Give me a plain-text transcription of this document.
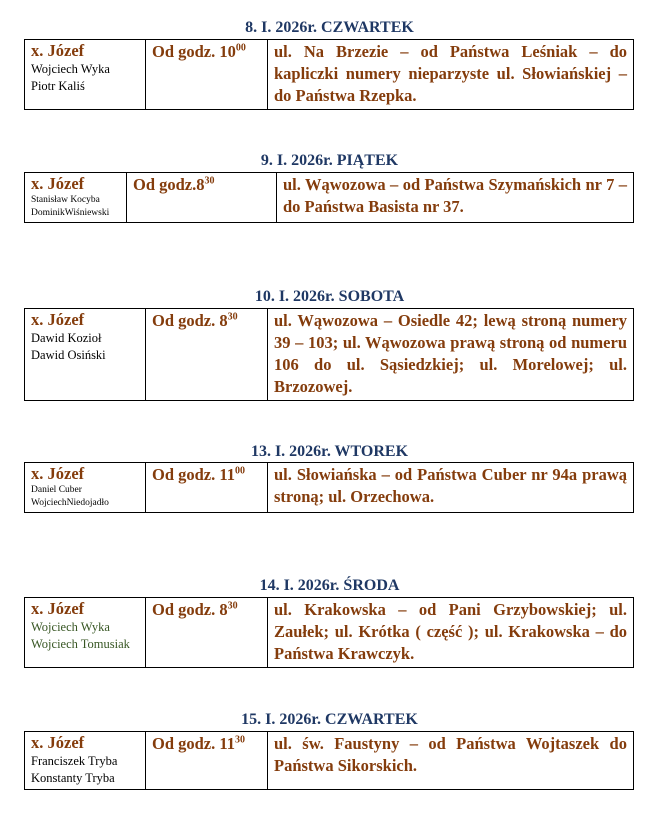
8. I. 2026r. CZWARTEK
x. Józef
Wojciech Wyka
Piotr Kaliś
	Od godz. $10^{00}$	ul. Na Brzezie – od Państwa Leśniak – do kapliczki numery nieparzyste ul. Słowiańskiej – do Państwa Rzepka.
9. I. 2026r. PIĄTEK
x. Józef
Stanisław Kocyba
DominikWiśniewski
	Od $godz.8^{30}$	ul. Wąwozowa – od Państwa Szymańskich nr 7 – do Państwa Basista nr 37.
10. I. 2026r. SOBOTA
x. Józef
Dawid Kozioł
Dawid Osiński
	Od godz. $8^{30}$	ul. Wąwozowa – Osiedle 42; lewą stroną numery 39 – 103; ul. Wąwozowa prawą stroną od numeru 106 do ul. Sąsiedzkiej; ul. Morelowej; ul. Brzozowej.
13. I. 2026r. WTOREK
x. Józef
Daniel Cuber
WojciechNiedojadło
	Od godz. $11^{00}$	ul. Słowiańska – od Państwa Cuber nr 94a prawą stroną; ul. Orzechowa.
14. I. 2026r. ŚRODA
x. Józef
Wojciech Wyka
Wojciech Tomusiak
	Od godz. $8^{30}$	ul. Krakowska – od Pani Grzybowskiej; ul. Zaułek; ul. Krótka ( część ); ul. Krakowska – do Państwa Krawczyk.
15. I. 2026r. CZWARTEK
x. Józef
Franciszek Tryba
Konstanty Tryba
	Od godz. $11^{30}$	ul. św. Faustyny – od Państwa Wojtaszek do Państwa Sikorskich.
